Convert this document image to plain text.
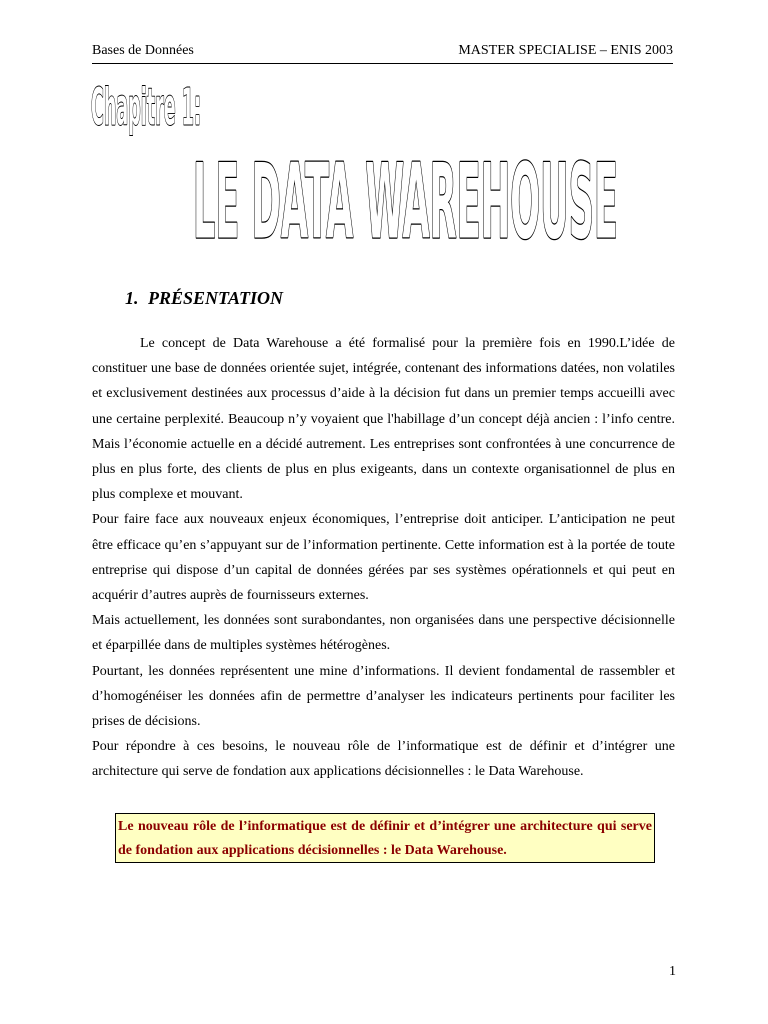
Bases de Données	MASTER SPECIALISE – ENIS 2003
Chapitre 1:
LE DATA WAREHOUSE
1. PRÉSENTATION

Le concept de Data Warehouse a été formalisé pour la première fois en 1990.L’idée de constituer une base de données orientée sujet, intégrée, contenant des informations datées, non volatiles et exclusivement destinées aux processus d’aide à la décision fut dans un premier temps accueilli avec une certaine perplexité. Beaucoup n’y voyaient que l'habillage d’un concept déjà ancien : l’info centre. Mais l’économie actuelle en a décidé autrement. Les entreprises sont confrontées à une concurrence de plus en plus forte, des clients de plus en plus exigeants, dans un contexte organisationnel de plus en plus complexe et mouvant.

Pour faire face aux nouveaux enjeux économiques, l’entreprise doit anticiper. L’anticipation ne peut être efficace qu’en s’appuyant sur de l’information pertinente. Cette information est à la portée de toute entreprise qui dispose d’un capital de données gérées par ses systèmes opérationnels et qui peut en acquérir d’autres auprès de fournisseurs externes.

Mais actuellement, les données sont surabondantes, non organisées dans une perspective décisionnelle et éparpillée dans de multiples systèmes hétérogènes.

Pourtant, les données représentent une mine d’informations. Il devient fondamental de rassembler et d’homogénéiser les données afin de permettre d’analyser les indicateurs pertinents pour faciliter les prises de décisions.

Pour répondre à ces besoins, le nouveau rôle de l’informatique est de définir et d’intégrer une architecture qui serve de fondation aux applications décisionnelles : le Data Warehouse.

Le nouveau rôle de l’informatique est de définir et d’intégrer une architecture qui serve de fondation aux applications décisionnelles : le Data Warehouse.
1
